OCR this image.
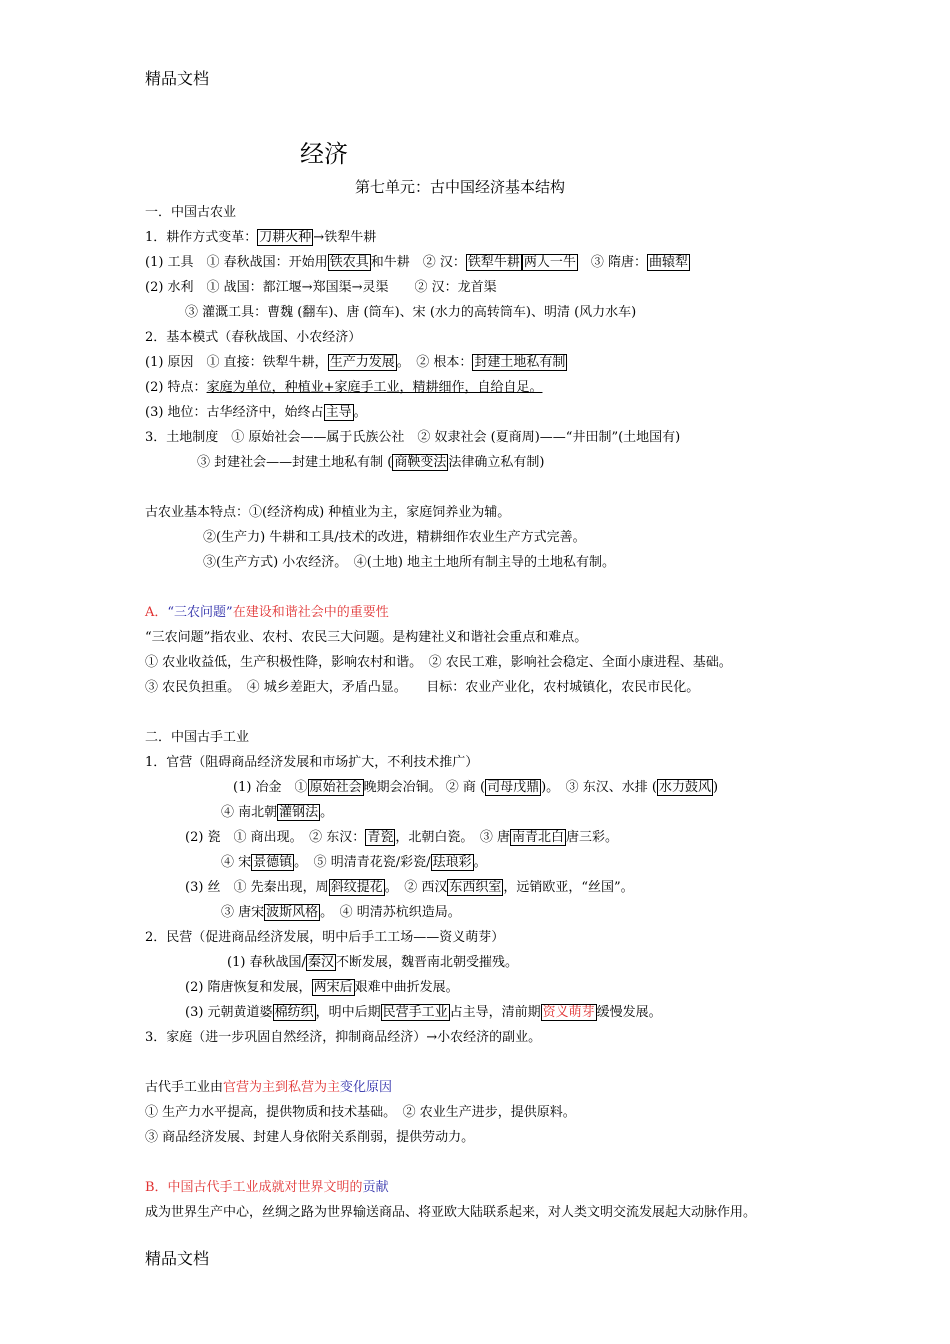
精品文档
经济
第七单元：古中国经济基本结构
一．中国古农业
1．耕作方式变革： 刀耕火种 →铁犁牛耕
(1) 工具　① 春秋战国：开始用 铁农具 和牛耕　② 汉： 铁犁牛耕 两人一牛　③ 隋唐： 曲辕犁
(2) 水利　① 战国：都江堰→郑国渠→灵渠　　② 汉：龙首渠
③ 灌溉工具：曹魏 (翻车)、唐 (筒车)、宋 (水力的高转筒车)、明清 (风力水车)
2．基本模式（春秋战国、小农经济）
(1) 原因　① 直接：铁犁牛耕， 生产力发展 。　② 根本： 封建土地私有制
(2) 特点：家庭为单位，种植业+家庭手工业，精耕细作，自给自足。
(3) 地位：古华经济中，始终占 主导 。
3．土地制度　① 原始社会——属于氏族公社　② 奴隶社会 (夏商周)——“井田制”(土地国有)
③ 封建社会——封建土地私有制 ( 商鞅变法 法律确立私有制)
古农业基本特点：①(经济构成) 种植业为主，家庭饲养业为辅。
②(生产力) 牛耕和工具/技术的改进，精耕细作农业生产方式完善。
③(生产方式) 小农经济。　④(土地) 地主土地所有制主导的土地私有制。
A．“三农问题”在建设和谐社会中的重要性
“三农问题”指农业、农村、农民三大问题。是构建社义和谐社会重点和难点。
① 农业收益低，生产积极性降，影响农村和谐。　② 农民工难，影响社会稳定、全面小康进程、基础。
③ 农民负担重。　④ 城乡差距大，矛盾凸显。　　目标：农业产业化，农村城镇化，农民市民化。
二．中国古手工业
1．官营（阻碍商品经济发展和市场扩大，不利技术推广）
(1) 冶金　① 原始社会 晚期会冶铜。 ② 商 ( 司母戊鼎 )。　③ 东汉、水排 ( 水力鼓风 )
④ 南北朝 灌钢法 。
(2) 瓷　① 商出现。　② 东汉： 青瓷 ，北朝白瓷。　③ 唐 南青北白 唐三彩。
④ 宋 景德镇 。　⑤ 明清青花瓷/彩瓷/ 珐琅彩 。
(3) 丝　① 先秦出现，周 斜纹提花 。　② 西汉 东西织室 ，远销欧亚，“丝国”。
③ 唐宋 波斯风格 。　④ 明清苏杭织造局。
2．民营（促进商品经济发展，明中后手工工场——资义萌芽）
(1) 春秋战国/ 秦汉 不断发展，魏晋南北朝受摧残。
(2) 隋唐恢复和发展， 两宋后 艰难中曲折发展。
(3) 元朝黄道婆 棉纺织 ，明中后期 民营手工业 占主导，清前期 资义萌芽 缓慢发展。
3．家庭（进一步巩固自然经济，抑制商品经济）→小农经济的副业。
古代手工业由官营为主到私营为主变化原因
① 生产力水平提高，提供物质和技术基础。　② 农业生产进步，提供原料。
③ 商品经济发展、封建人身依附关系削弱，提供劳动力。
B．中国古代手工业成就对世界文明的贡献
成为世界生产中心，丝绸之路为世界输送商品、将亚欧大陆联系起来，对人类文明交流发展起大动脉作用。
精品文档
